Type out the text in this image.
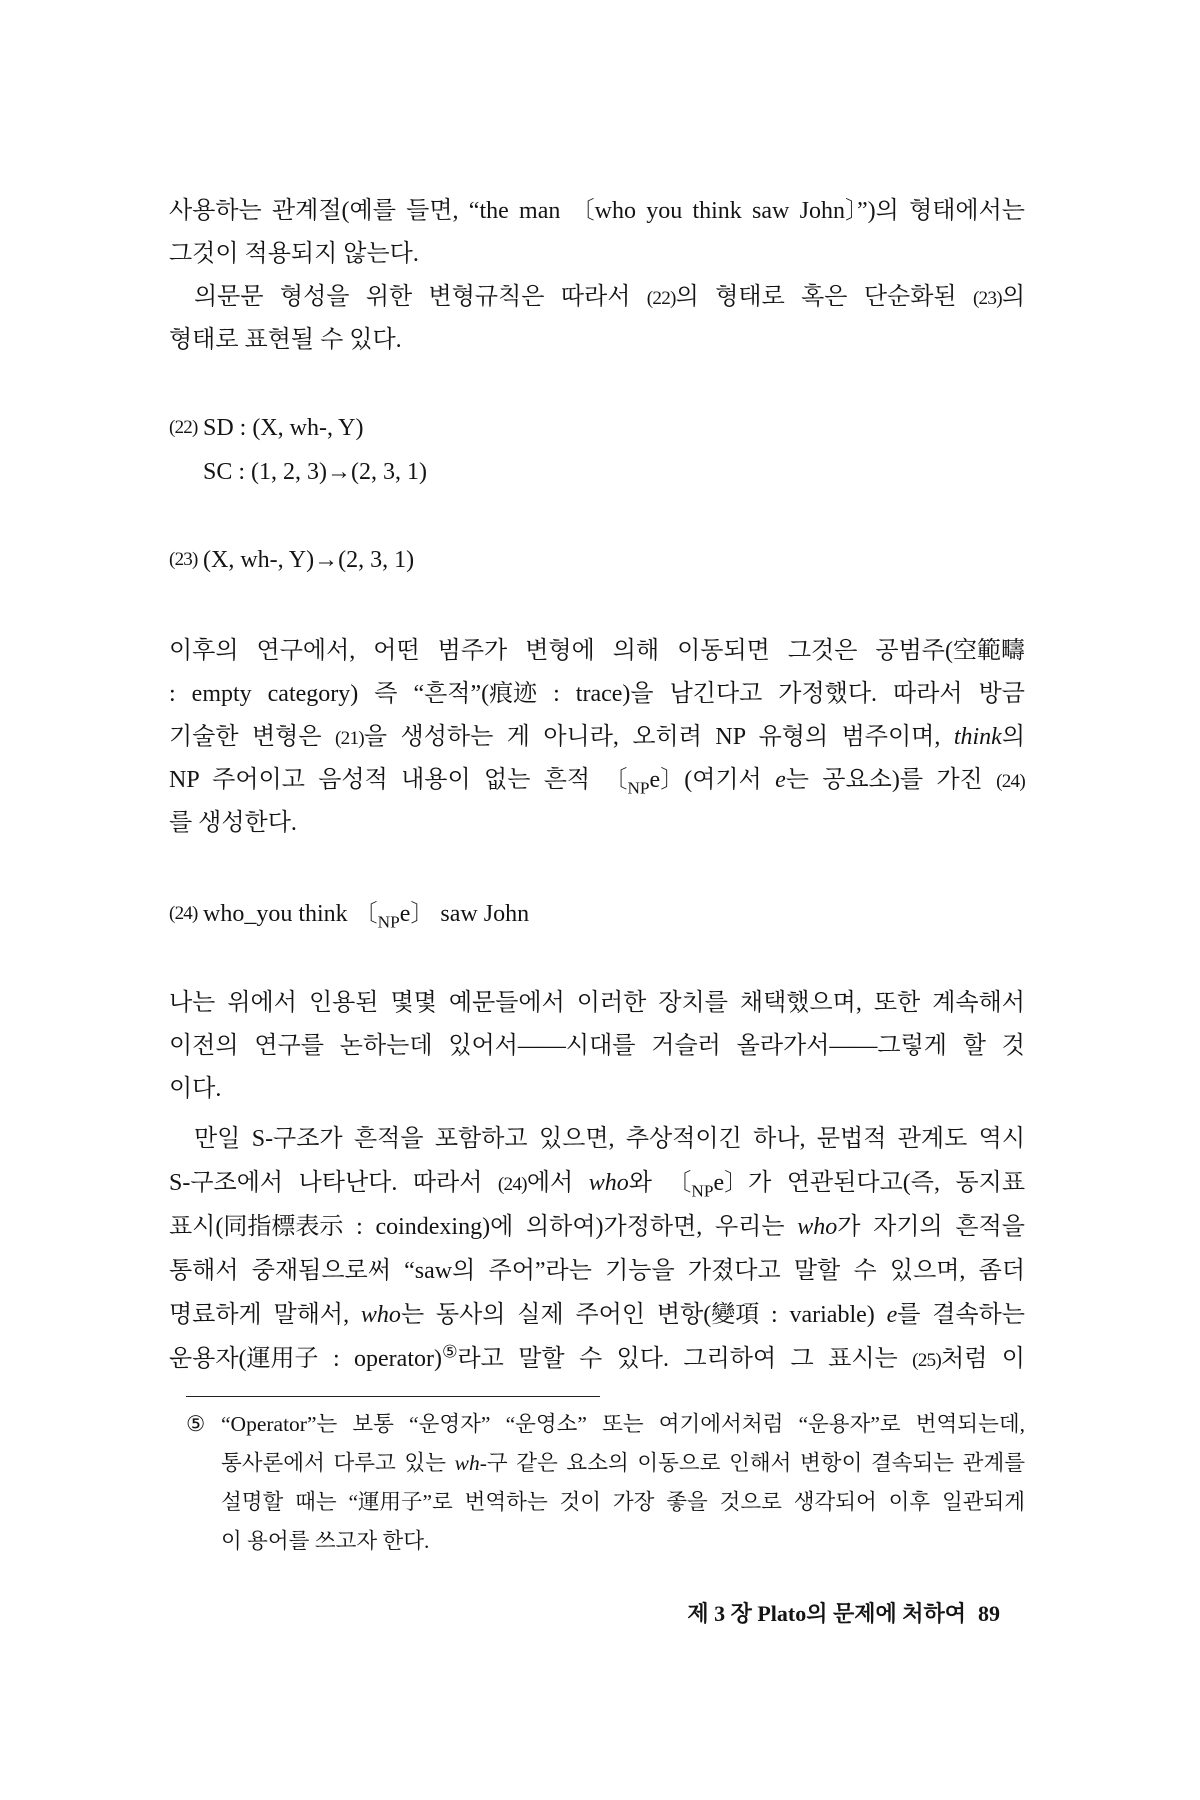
사용하는 관계절(예를 들면, “the man 〔who you think saw John〕”)의 형태에서는
그것이 적용되지 않는다.
의문문 형성을 위한 변형규칙은 따라서 (22)의 형태로 혹은 단순화된 (23)의
형태로 표현될 수 있다.
(22) SD : (X, wh-, Y)
SC : (1, 2, 3)→(2, 3, 1)
(23) (X, wh-, Y)→(2, 3, 1)
이후의 연구에서, 어떤 범주가 변형에 의해 이동되면 그것은 공범주(空範疇
: empty category) 즉 “흔적”(痕迹 : trace)을 남긴다고 가정했다. 따라서 방금
기술한 변형은 (21)을 생성하는 게 아니라, 오히려 NP 유형의 범주이며, think의
NP 주어이고 음성적 내용이 없는 흔적 〔$_{NP}$e〕(여기서 e는 공요소)를 가진 (24)
를 생성한다.
(24) who_you think 〔$_{NP}$e〕 saw John
나는 위에서 인용된 몇몇 예문들에서 이러한 장치를 채택했으며, 또한 계속해서
이전의 연구를 논하는데 있어서——시대를 거슬러 올라가서——그렇게 할 것
이다.
만일 S-구조가 흔적을 포함하고 있으면, 추상적이긴 하나, 문법적 관계도 역시
S-구조에서 나타난다. 따라서 (24)에서 who와 〔$_{NP}$e〕가 연관된다고(즉, 동지표
표시(同指標表示 : coindexing)에 의하여)가정하면, 우리는 who가 자기의 흔적을
통해서 중재됨으로써 “saw의 주어”라는 기능을 가졌다고 말할 수 있으며, 좀더
명료하게 말해서, who는 동사의 실제 주어인 변항(變項 : variable) e를 결속하는
운용자(運用子 : operator)⑤라고 말할 수 있다. 그리하여 그 표시는 (25)처럼 이
⑤ “Operator”는 보통 “운영자” “운영소” 또는 여기에서처럼 “운용자”로 번역되는데,
통사론에서 다루고 있는 wh-구 같은 요소의 이동으로 인해서 변항이 결속되는 관계를
설명할 때는 “運用子”로 번역하는 것이 가장 좋을 것으로 생각되어 이후 일관되게
이 용어를 쓰고자 한다.
제 3 장 Plato의 문제에 처하여 89
